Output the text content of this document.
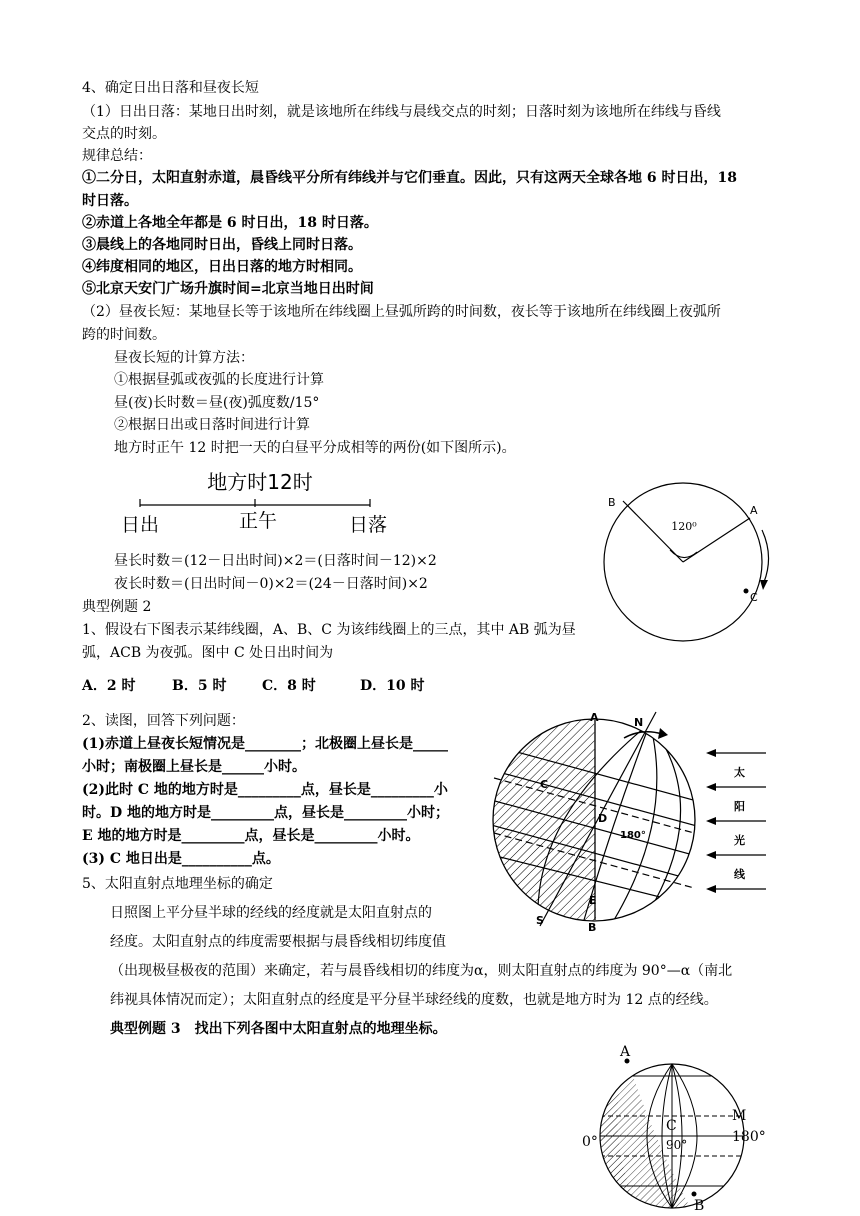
4、确定日出日落和昼夜长短
（1）日出日落：某地日出时刻，就是该地所在纬线与晨线交点的时刻；日落时刻为该地所在纬线与昏线
交点的时刻。
规律总结：
①二分日，太阳直射赤道，晨昏线平分所有纬线并与它们垂直。因此，只有这两天全球各地 6 时日出，18
时日落。
②赤道上各地全年都是 6 时日出，18 时日落。
③晨线上的各地同时日出，昏线上同时日落。
④纬度相同的地区，日出日落的地方时相同。
⑤北京天安门广场升旗时间=北京当地日出时间
（2）昼夜长短：某地昼长等于该地所在纬线圈上昼弧所跨的时间数，夜长等于该地所在纬线圈上夜弧所
跨的时间数。
昼夜长短的计算方法：
①根据昼弧或夜弧的长度进行计算
昼(夜)长时数＝昼(夜)弧度数/15°
②根据日出或日落时间进行计算
地方时正午 12 时把一天的白昼平分成相等的两份(如下图所示)。
地方时12时
日出	正午	日落
昼长时数＝(12－日出时间)×2＝(日落时间－12)×2
夜长时数＝(日出时间－0)×2＝(24－日落时间)×2
120⁰
B
A
C
典型例题 2
1、假设右下图表示某纬线圈，A、B、C 为该纬线圈上的三点，其中 AB 弧为昼
弧，ACB 为夜弧。图中 C 处日出时间为
A．2 时	B．5 时	C．8 时	D．10 时
2、读图，回答下列问题：
(1)赤道上昼夜长短情况是________；北极圈上昼长是_____
小时；南极圈上昼长是______小时。
(2)此时 C 地的地方时是_________点，昼长是_________小
时。D 地的地方时是_________点，昼长是_________小时；
E 地的地方时是_________点，昼长是_________小时。
(3) C 地日出是__________点。
A	N
C
D
180°
E
S
B
太
阳
光
线
5、太阳直射点地理坐标的确定
日照图上平分昼半球的经线的经度就是太阳直射点的
经度。太阳直射点的纬度需要根据与晨昏线相切纬度值
（出现极昼极夜的范围）来确定，若与晨昏线相切的纬度为α，则太阳直射点的纬度为 90°—α（南北
纬视具体情况而定）；太阳直射点的经度是平分昼半球经线的度数，也就是地方时为 12 点的经线。
典型例题 3　找出下列各图中太阳直射点的地理坐标。
A
C
90°
M
180°
0°
B
